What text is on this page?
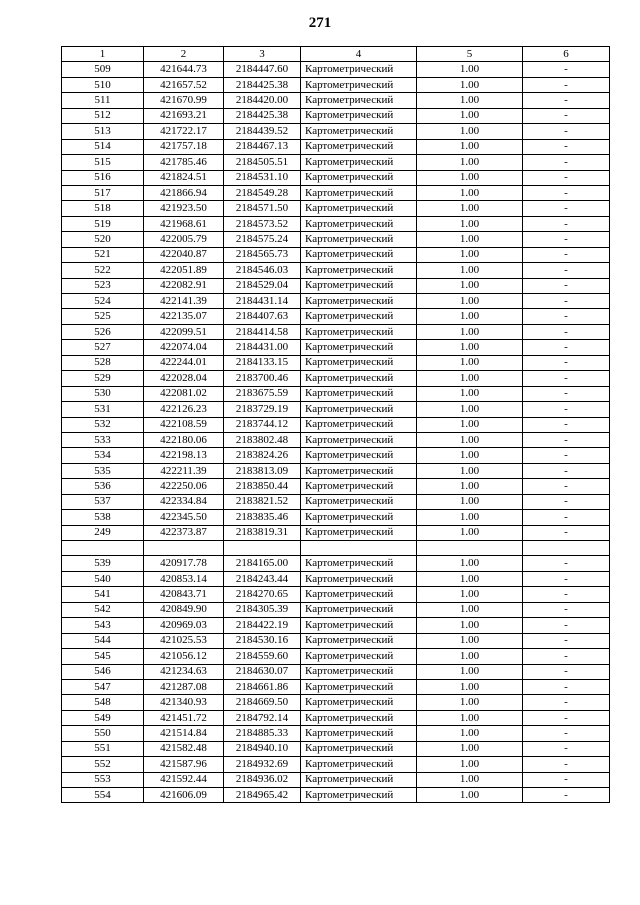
271
1	2	3	4	5	6
509	421644.73	2184447.60	Картометрический	1.00	-
510	421657.52	2184425.38	Картометрический	1.00	-
511	421670.99	2184420.00	Картометрический	1.00	-
512	421693.21	2184425.38	Картометрический	1.00	-
513	421722.17	2184439.52	Картометрический	1.00	-
514	421757.18	2184467.13	Картометрический	1.00	-
515	421785.46	2184505.51	Картометрический	1.00	-
516	421824.51	2184531.10	Картометрический	1.00	-
517	421866.94	2184549.28	Картометрический	1.00	-
518	421923.50	2184571.50	Картометрический	1.00	-
519	421968.61	2184573.52	Картометрический	1.00	-
520	422005.79	2184575.24	Картометрический	1.00	-
521	422040.87	2184565.73	Картометрический	1.00	-
522	422051.89	2184546.03	Картометрический	1.00	-
523	422082.91	2184529.04	Картометрический	1.00	-
524	422141.39	2184431.14	Картометрический	1.00	-
525	422135.07	2184407.63	Картометрический	1.00	-
526	422099.51	2184414.58	Картометрический	1.00	-
527	422074.04	2184431.00	Картометрический	1.00	-
528	422244.01	2184133.15	Картометрический	1.00	-
529	422028.04	2183700.46	Картометрический	1.00	-
530	422081.02	2183675.59	Картометрический	1.00	-
531	422126.23	2183729.19	Картометрический	1.00	-
532	422108.59	2183744.12	Картометрический	1.00	-
533	422180.06	2183802.48	Картометрический	1.00	-
534	422198.13	2183824.26	Картометрический	1.00	-
535	422211.39	2183813.09	Картометрический	1.00	-
536	422250.06	2183850.44	Картометрический	1.00	-
537	422334.84	2183821.52	Картометрический	1.00	-
538	422345.50	2183835.46	Картометрический	1.00	-
249	422373.87	2183819.31	Картометрический	1.00	-

539	420917.78	2184165.00	Картометрический	1.00	-
540	420853.14	2184243.44	Картометрический	1.00	-
541	420843.71	2184270.65	Картометрический	1.00	-
542	420849.90	2184305.39	Картометрический	1.00	-
543	420969.03	2184422.19	Картометрический	1.00	-
544	421025.53	2184530.16	Картометрический	1.00	-
545	421056.12	2184559.60	Картометрический	1.00	-
546	421234.63	2184630.07	Картометрический	1.00	-
547	421287.08	2184661.86	Картометрический	1.00	-
548	421340.93	2184669.50	Картометрический	1.00	-
549	421451.72	2184792.14	Картометрический	1.00	-
550	421514.84	2184885.33	Картометрический	1.00	-
551	421582.48	2184940.10	Картометрический	1.00	-
552	421587.96	2184932.69	Картометрический	1.00	-
553	421592.44	2184936.02	Картометрический	1.00	-
554	421606.09	2184965.42	Картометрический	1.00	-
